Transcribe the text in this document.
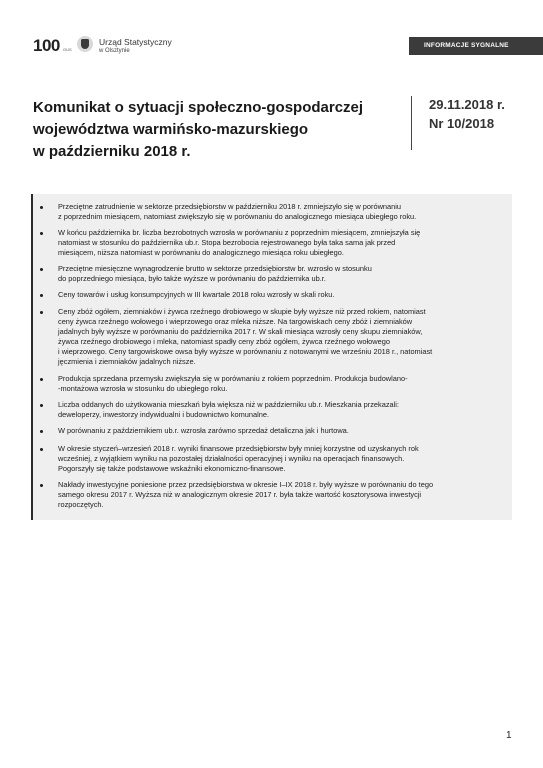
100 GUS
Urząd Statystyczny
w Olsztynie
INFORMACJE SYGNALNE
Komunikat o sytuacji społeczno-gospodarczej
województwa warmińsko-mazurskiego
w październiku 2018 r.
29.11.2018 r.
Nr 10/2018
Przeciętne zatrudnienie w sektorze przedsiębiorstw w październiku 2018 r. zmniejszyło się w porównaniu
z poprzednim miesiącem, natomiast zwiększyło się w porównaniu do analogicznego miesiąca ubiegłego roku.
W końcu października br. liczba bezrobotnych wzrosła w porównaniu z poprzednim miesiącem, zmniejszyła się
natomiast w stosunku do października ub.r. Stopa bezrobocia rejestrowanego była taka sama jak przed
miesiącem, niższa natomiast w porównaniu do analogicznego miesiąca roku ubiegłego.
Przeciętne miesięczne wynagrodzenie brutto w sektorze przedsiębiorstw br. wzrosło w stosunku
do poprzedniego miesiąca, było także wyższe w porównaniu do października ub.r.
Ceny towarów i usług konsumpcyjnych w III kwartale 2018 roku wzrosły w skali roku.
Ceny zbóż ogółem, ziemniaków i żywca rzeźnego drobiowego w skupie były wyższe niż przed rokiem, natomiast
ceny żywca rzeźnego wołowego i wieprzowego oraz mleka niższe. Na targowiskach ceny zbóż i ziemniaków
jadalnych były wyższe w porównaniu do października 2017 r. W skali miesiąca wzrosły ceny skupu ziemniaków,
żywca rzeźnego drobiowego i mleka, natomiast spadły ceny zbóż ogółem, żywca rzeźnego wołowego
i wieprzowego. Ceny targowiskowe owsa były wyższe w porównaniu z notowanymi we wrześniu 2018 r., natomiast
jęczmienia i ziemniaków jadalnych niższe.
Produkcja sprzedana przemysłu zwiększyła się w porównaniu z rokiem poprzednim. Produkcja budowlano-
-montażowa wzrosła w stosunku do ubiegłego roku.
Liczba oddanych do użytkowania mieszkań była większa niż w październiku ub.r. Mieszkania przekazali:
deweloperzy, inwestorzy indywidualni i budownictwo komunalne.
W porównaniu z październikiem ub.r. wzrosła zarówno sprzedaż detaliczna jak i hurtowa.
W okresie styczeń–wrzesień 2018 r. wyniki finansowe przedsiębiorstw były mniej korzystne od uzyskanych rok
wcześniej, z wyjątkiem wyniku na pozostałej działalności operacyjnej i wyniku na operacjach finansowych.
Pogorszyły się także podstawowe wskaźniki ekonomiczno-finansowe.
Nakłady inwestycyjne poniesione przez przedsiębiorstwa w okresie I–IX 2018 r. były wyższe w porównaniu do tego
samego okresu 2017 r. Wyższa niż w analogicznym okresie 2017 r. była także wartość kosztorysowa inwestycji
rozpoczętych.
1
